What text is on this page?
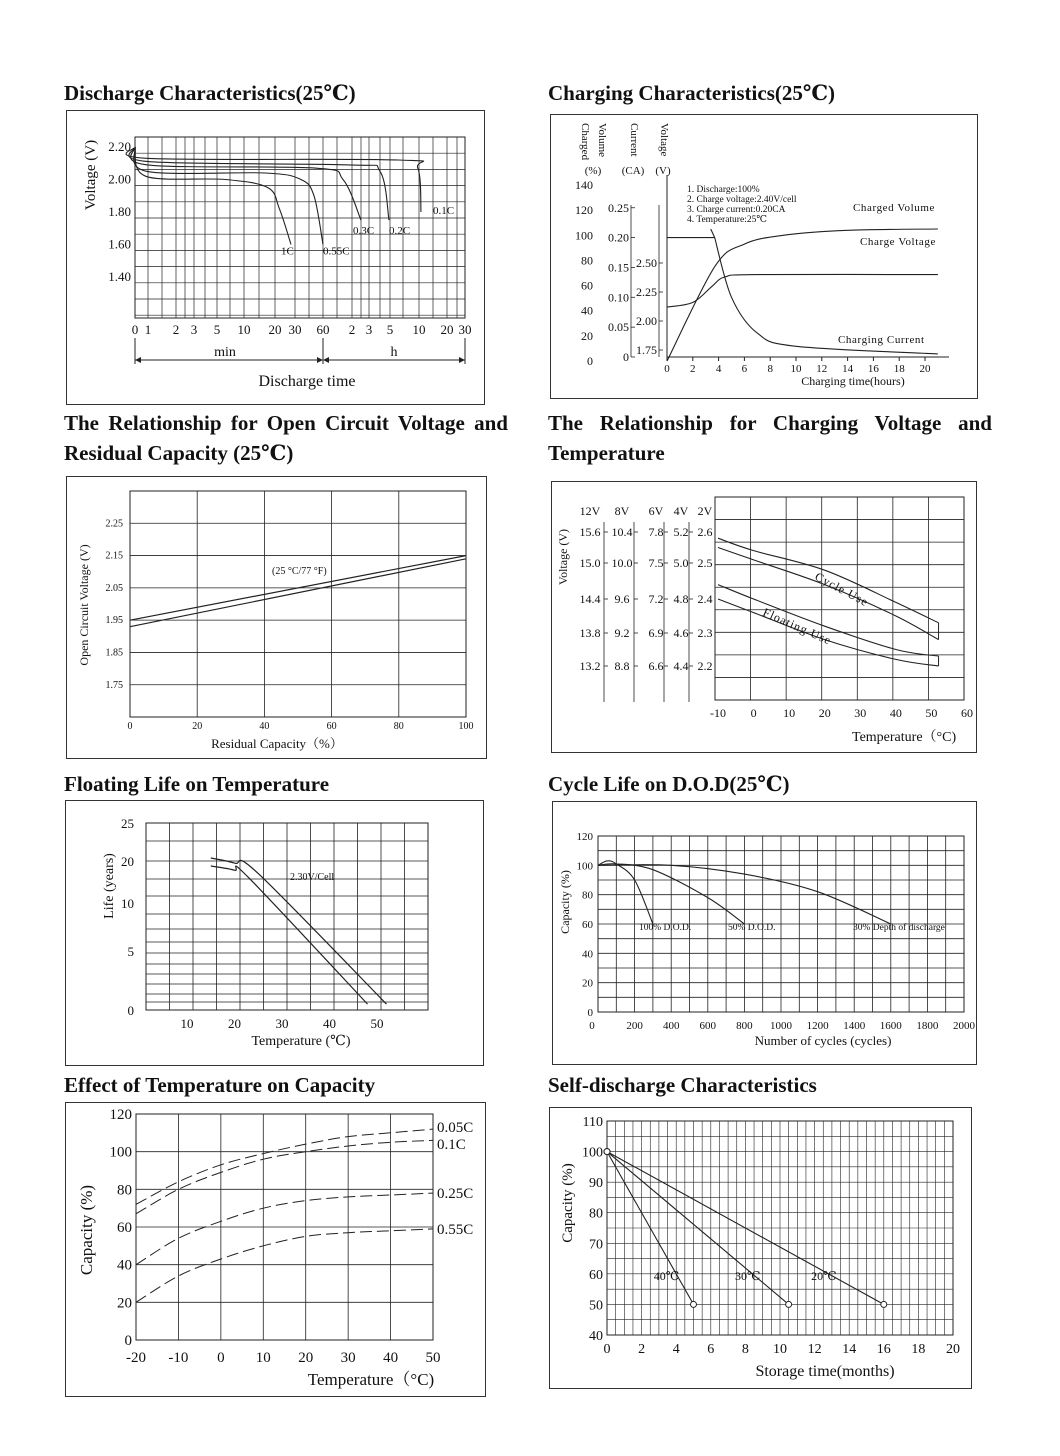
Discharge Characteristics(25℃)	Charging Characteristics(25℃)
The Relationship for Open Circuit Voltage and Residual Capacity (25℃)
The Relationship for Charging Voltage and Temperature
Floating Life on Temperature	Cycle Life on D.O.D(25℃)
Effect of Temperature on Capacity	Self-discharge Characteristics
2.20
2.00
1.80
1.60
1.40
Voltage (V)
0 1 2 3 5 10 20 30 60 2 3 5 10 20 30
min	h
Discharge time
1C	0.55C
0.3C 0.2C
0.1C
0 2 4 6 8 10 12 14 16 18 20
Charging time(hours)
Charged Volume Current Voltage
(%) (CA) (V)
140
120
100
80
60
40
20
0
0.25
0.20
0.15
0.10
0.05
0
2.50
2.25
2.00
1.75
1. Discharge:100%
2. Charge voltage:2.40V/cell
3. Charge current:0.20CA
4. Temperature:25℃
Charged Volume
Charge Voltage
Charging Current
2.25
2.15
2.05
1.95
1.85
1.75
0	20	40	60	80	100
Residual Capacity（%）
Open Circuit Voltage (V)	(25 °C/77 °F)
12V
15.6
15.0
14.4
13.8
13.2
8V
10.4
10.0
9.6
9.2
8.8
6V
7.8
7.5
7.2
6.9
6.6
4V
5.2
5.0
4.8
4.6
4.4
2V
2.6
2.5
2.4
2.3
2.2
Voltage (V)
-10 0 10 20 30 40 50 60
Temperature（°C)
Cycle Use
Floating Use
25
20
10
5
0
10	20	30	40	50
Temperature (℃)
Life (years)	2.30V/Cell
120
100
80
60
40
20
0
0	200 400 600 800 1000 1200 1400 1600 1800 2000
Number of cycles (cycles)
Capacity (%)	100% D.O.D.	50% D.O.D.	30% Depth of discharge
120
100
80
60
40
20
0
-20 -10 0 10 20 30 40 50
Temperature（°C)
Capacity (%)
0.05C
0.1C
0.25C
0.55C
110
100
90
80
70
60
50
40
0 2 4 6 8 10 12 14 16 18 20
Storage time(months)
Capacity (%)
40℃	30℃	20℃
